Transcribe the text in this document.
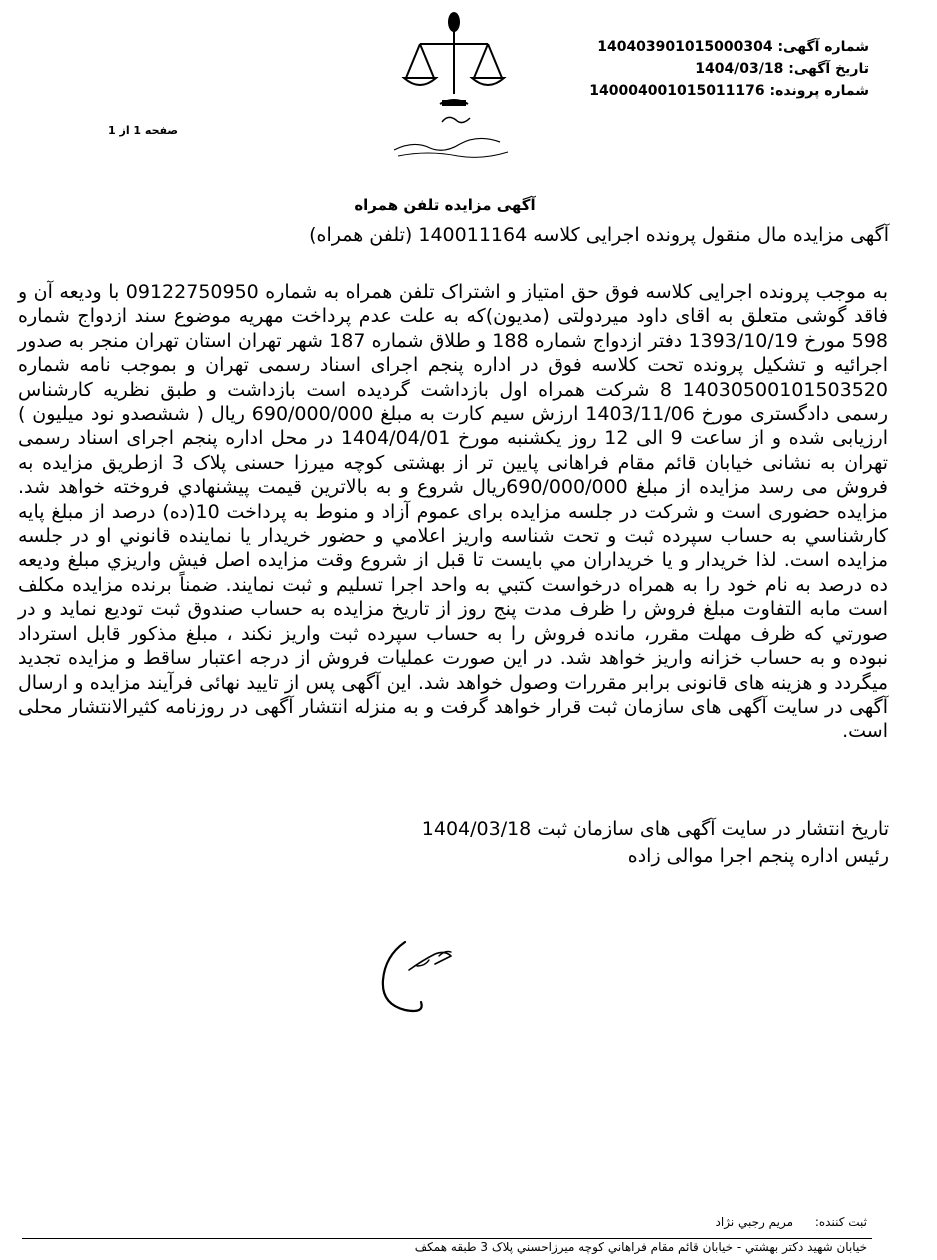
شماره آگهی: 140403901015000304
تاریخ آگهی: 1404/03/18
شماره پرونده: 140004001015011176
صفحه 1 از 1
آگهی مزایده تلفن همراه
آگهی مزایده مال منقول پرونده اجرایی کلاسه 140011164 (تلفن همراه)

به موجب پرونده اجرایی کلاسه فوق حق امتیاز و اشتراک تلفن همراه به شماره 09122750950 با ودیعه آن و فاقد گوشی متعلق به اقای داود میردولتی (مدیون)که به علت عدم پرداخت مهریه موضوع سند ازدواج شماره 598 مورخ 1393/10/19 دفتر ازدواج شماره 188 و طلاق شماره 187 شهر تهران استان تهران منجر به صدور اجرائیه و تشکیل پرونده تحت کلاسه فوق در اداره پنجم اجرای اسناد رسمی تهران و بموجب نامه شماره 14030500101503520 8 شرکت همراه اول بازداشت گردیده است بازداشت و طبق نظریه کارشناس رسمی دادگستری مورخ 1403/11/06 ارزش سیم کارت به مبلغ 690/000/000 ریال ( ششصدو نود میلیون ) ارزیابی شده و از ساعت 9 الی 12 روز یکشنبه مورخ 1404/04/01 در محل اداره پنجم اجرای اسناد رسمی تهران به نشانی خیابان قائم مقام فراهانی پایین تر از بهشتی کوچه میرزا حسنی پلاک 3 ازطریق مزایده به فروش می رسد مزایده از مبلغ 690/000/000ریال شروع و به بالاترین قیمت پیشنهادي فروخته خواهد شد. مزایده حضوری است و شرکت در جلسه مزایده برای عموم آزاد و منوط به پرداخت 10(ده) درصد از مبلغ پایه کارشناسي به حساب سپرده ثبت و تحت شناسه واریز اعلامي و حضور خریدار یا نماینده قانوني او در جلسه مزایده است. لذا خریدار و یا خریداران مي بایست تا قبل از شروع وقت مزایده اصل فیش واریزي مبلغ ودیعه ده درصد به نام خود را به همراه درخواست كتبي به واحد اجرا تسلیم و ثبت نمایند. ضمناً برنده مزایده مکلف است مابه التفاوت مبلغ فروش را ظرف مدت پنج روز از تاریخ مزایده به حساب صندوق ثبت تودیع نماید و در صورتي که ظرف مهلت مقرر، مانده فروش را به حساب سپرده ثبت واریز نکند ، مبلغ مذکور قابل استرداد نبوده و به حساب خزانه واریز خواهد شد. در این صورت عملیات فروش از درجه اعتبار ساقط و مزایده تجدید میگردد و هزینه های قانونی برابر مقررات وصول خواهد شد. این آگهی پس از تایید نهائی فرآیند مزایده و ارسال آگهی در سایت آگهی های سازمان ثبت قرار خواهد گرفت و به منزله انتشار آگهی در روزنامه کثیرالانتشار محلی است.

تاریخ انتشار در سایت آگهی های سازمان ثبت 1404/03/18
رئیس اداره پنجم اجرا موالی زاده
ثبت کننده: مریم رجبي نژاد
خیابان شهید دکتر بهشتي - خیابان قائم مقام فراهاني کوچه میرزاحسني پلاک 3 طبقه همکف
